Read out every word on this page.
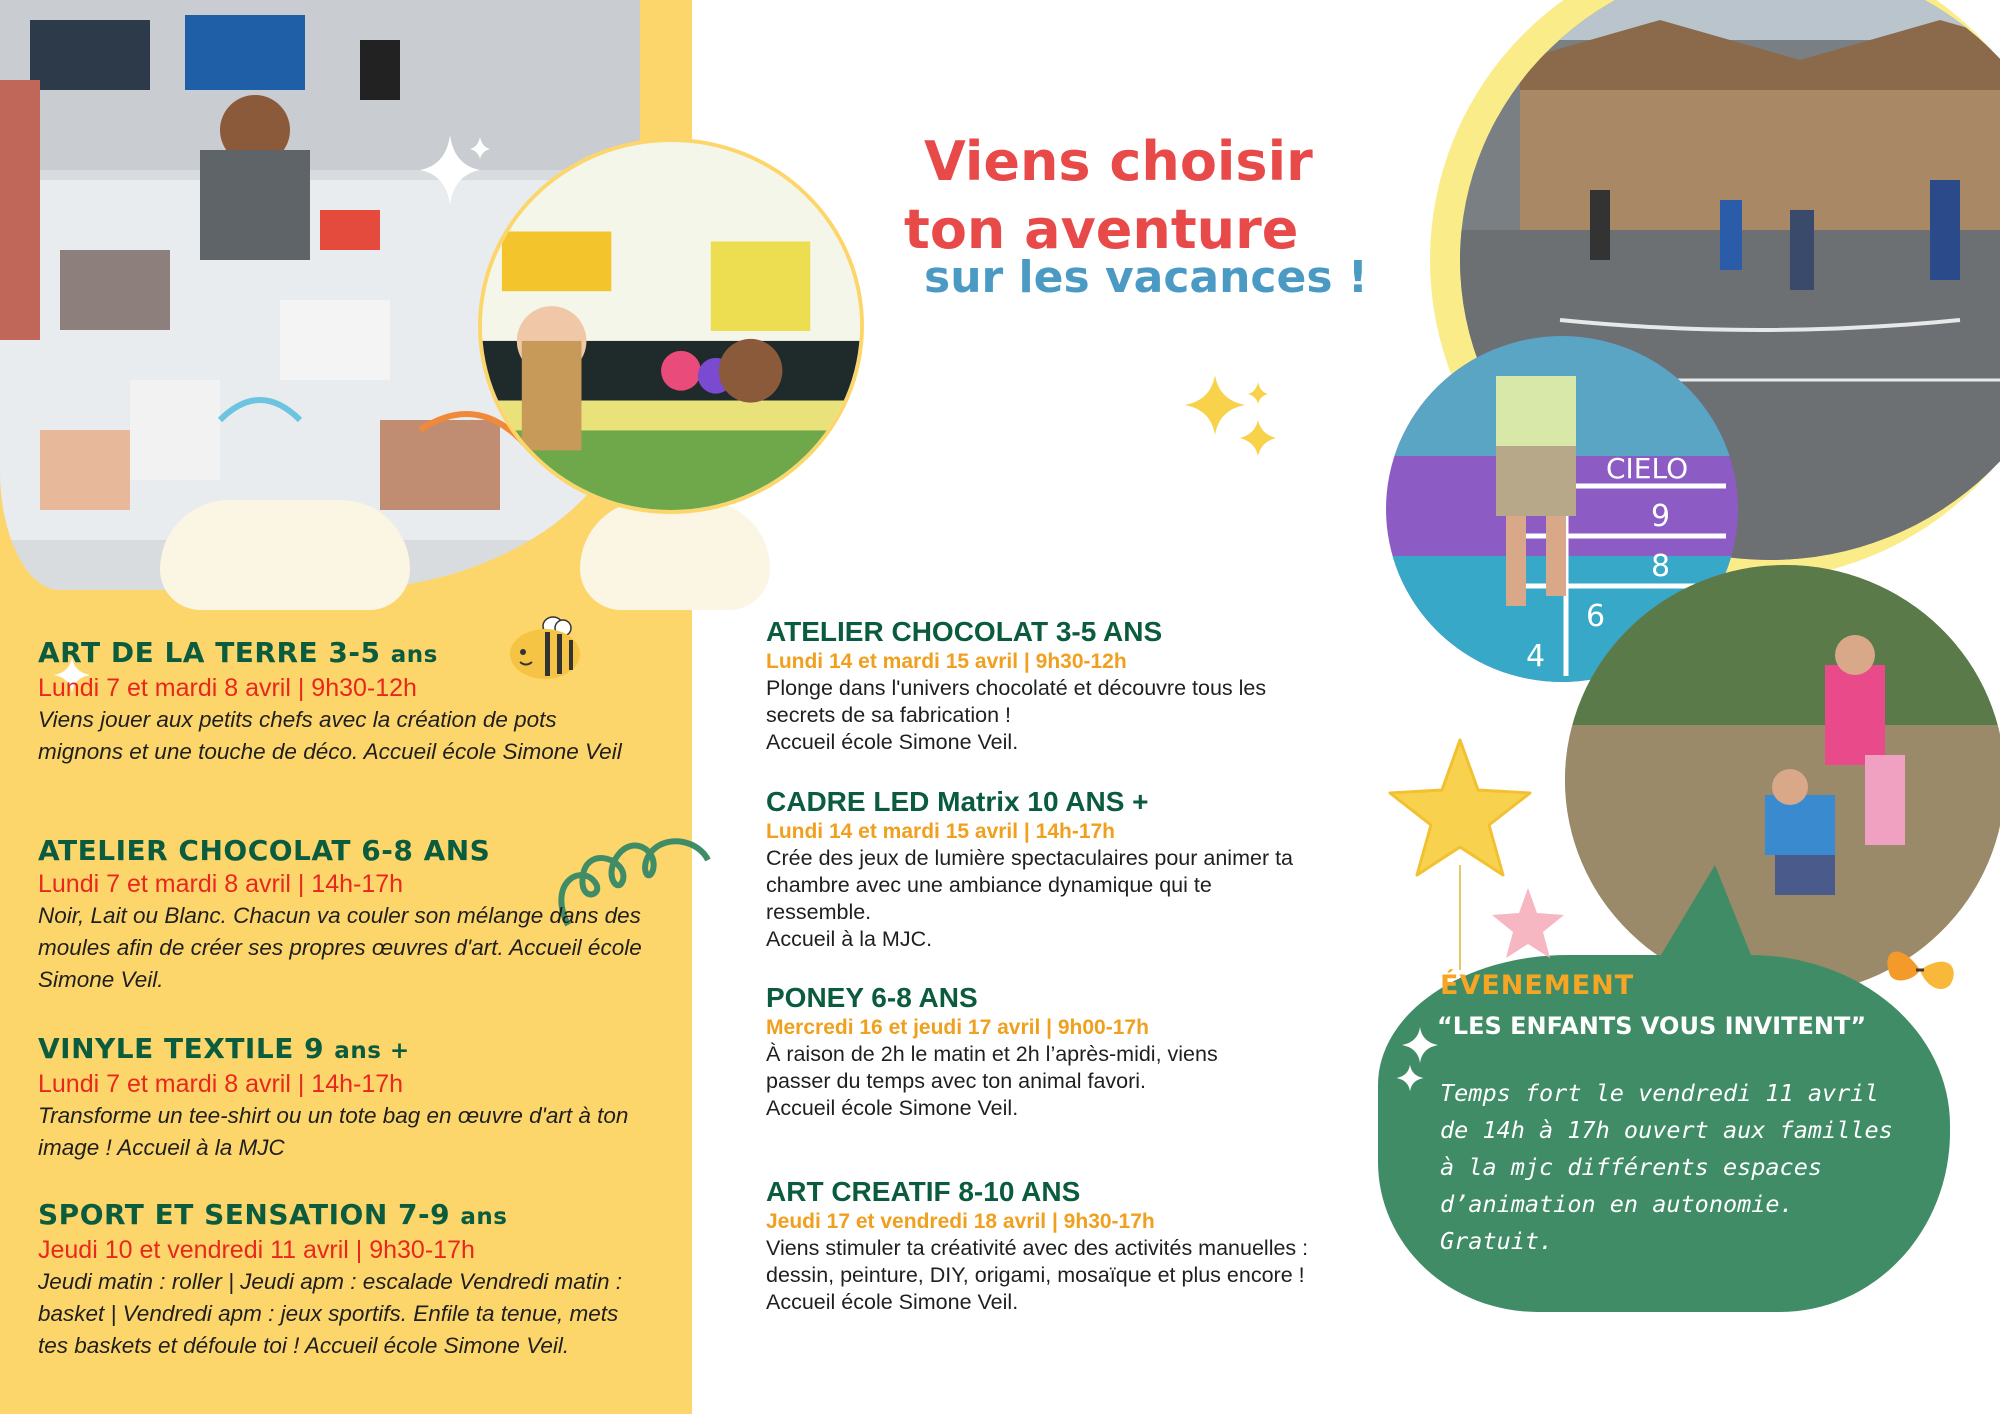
Viens choisir
ton aventure
sur les vacances !
ART DE LA TERRE 3-5 ans
Lundi 7 et mardi 8 avril | 9h30-12h
Viens jouer aux petits chefs avec la création de pots mignons et une touche de déco. Accueil école Simone Veil
ATELIER CHOCOLAT 6-8 ANS
Lundi 7 et mardi 8 avril | 14h-17h
Noir, Lait ou Blanc. Chacun va couler son mélange dans des moules afin de créer ses propres œuvres d'art. Accueil école Simone Veil.
VINYLE TEXTILE 9 ans +
Lundi 7 et mardi 8 avril | 14h-17h
Transforme un tee-shirt ou un tote bag en œuvre d'art à ton image ! Accueil à la MJC
SPORT ET SENSATION 7-9 ans
Jeudi 10 et vendredi 11 avril | 9h30-17h
Jeudi matin : roller | Jeudi apm : escalade Vendredi matin : basket | Vendredi apm : jeux sportifs. Enfile ta tenue, mets tes baskets et défoule toi ! Accueil école Simone Veil.
ATELIER CHOCOLAT 3-5 ANS
Lundi 14 et mardi 15 avril | 9h30-12h
Plonge dans l'univers chocolaté et découvre tous les secrets de sa fabrication !
Accueil école Simone Veil.
CADRE LED Matrix 10 ANS +
Lundi 14 et mardi 15 avril | 14h-17h
Crée des jeux de lumière spectaculaires pour animer ta chambre avec une ambiance dynamique qui te ressemble.
Accueil à la MJC.
PONEY 6-8 ANS
Mercredi 16 et jeudi 17 avril | 9h00-17h
À raison de 2h le matin et 2h l’après-midi, viens passer du temps avec ton animal favori.
Accueil école Simone Veil.
ART CREATIF 8-10 ANS
Jeudi 17 et vendredi 18 avril | 9h30-17h
Viens stimuler ta créativité avec des activités manuelles : dessin, peinture, DIY, origami, mosaïque et plus encore !
Accueil école Simone Veil.
CIELO
9
8
6
4
ÉVENEMENT
“LES ENFANTS VOUS INVITENT”
Temps fort le vendredi 11 avril de 14h à 17h ouvert aux familles à la mjc différents espaces d’animation en autonomie. Gratuit.
